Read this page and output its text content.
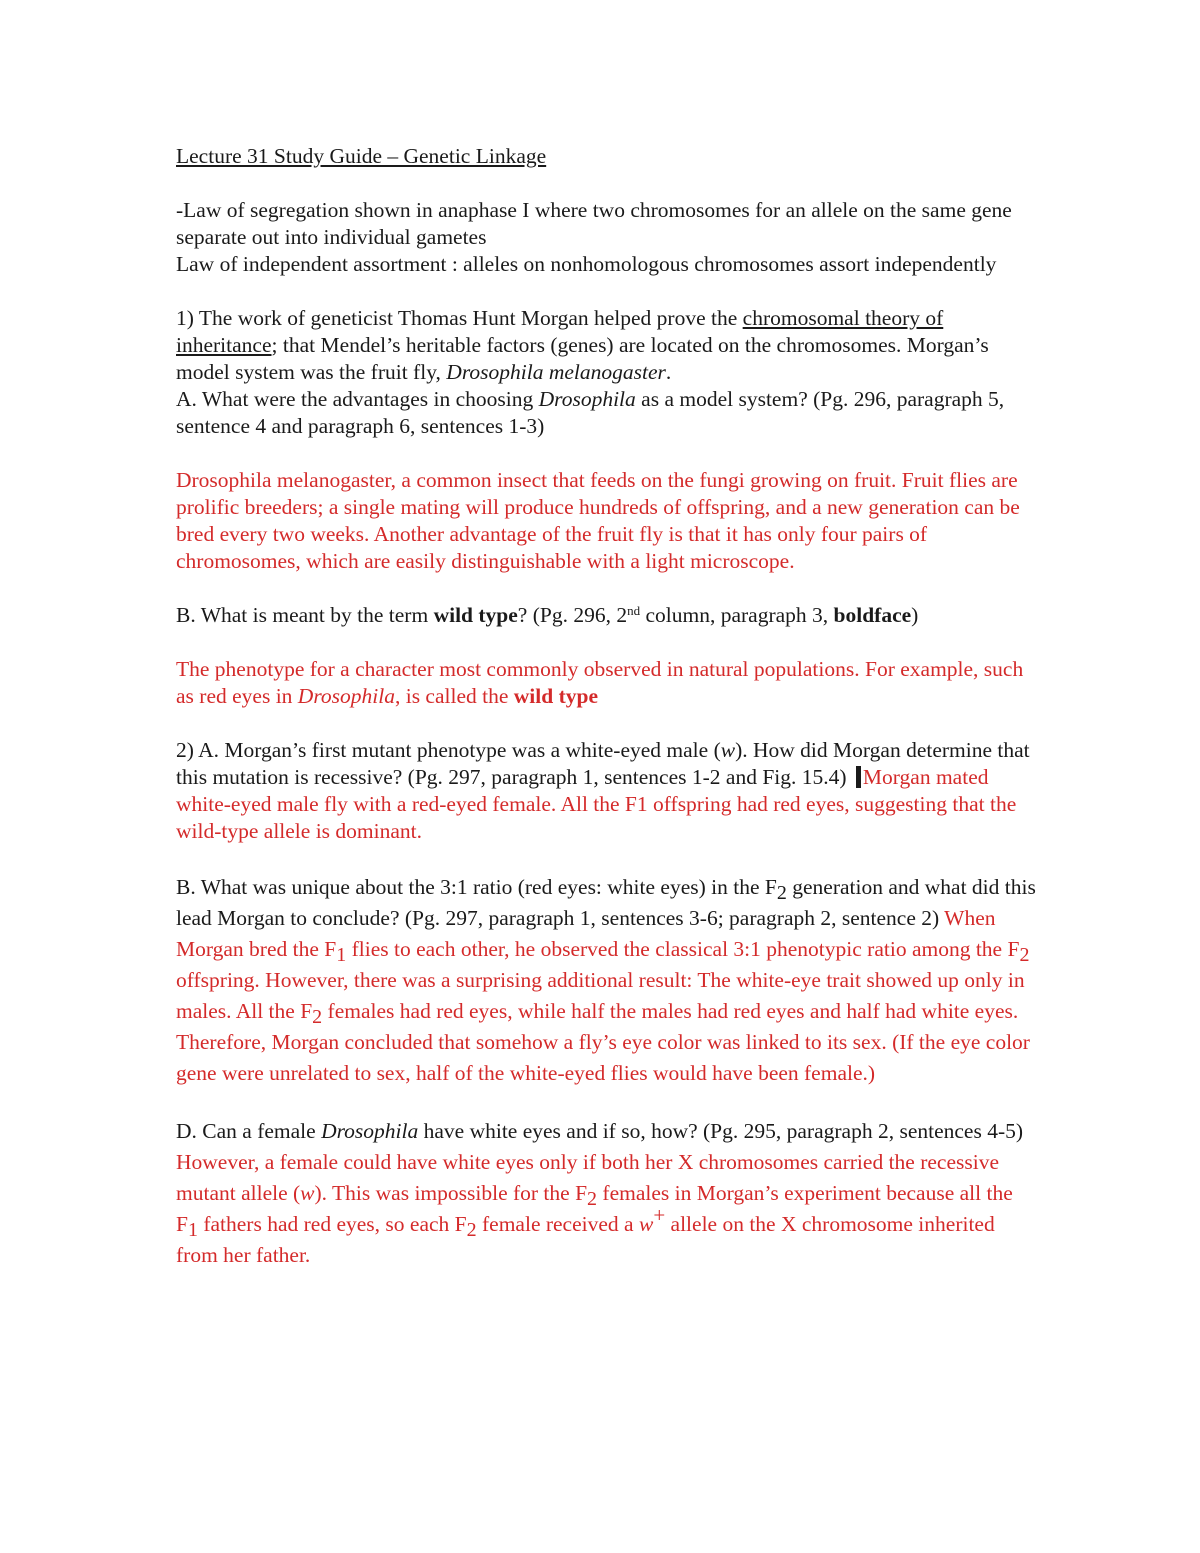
Lecture 31 Study Guide – Genetic Linkage

-Law of segregation shown in anaphase I where two chromosomes for an allele on the same gene separate out into individual gametes

Law of independent assortment : alleles on nonhomologous chromosomes assort independently

1) The work of geneticist Thomas Hunt Morgan helped prove the chromosomal theory of inheritance; that Mendel’s heritable factors (genes) are located on the chromosomes. Morgan’s model system was the fruit fly, Drosophila melanogaster.

A. What were the advantages in choosing Drosophila as a model system? (Pg. 296, paragraph 5, sentence 4 and paragraph 6, sentences 1-3)

Drosophila melanogaster, a common insect that feeds on the fungi growing on fruit. Fruit flies are prolific breeders; a single mating will produce hundreds of offspring, and a new generation can be bred every two weeks. Another advantage of the fruit fly is that it has only four pairs of chromosomes, which are easily distinguishable with a light microscope.

B. What is meant by the term wild type? (Pg. 296, 2nd column, paragraph 3, boldface)

The phenotype for a character most commonly observed in natural populations. For example, such as red eyes in Drosophila, is called the wild type

2) A. Morgan’s first mutant phenotype was a white-eyed male (w). How did Morgan determine that this mutation is recessive? (Pg. 297, paragraph 1, sentences 1-2 and Fig. 15.4) Morgan mated white-eyed male fly with a red-eyed female. All the F1 offspring had red eyes, suggesting that the wild-type allele is dominant.

B. What was unique about the 3:1 ratio (red eyes: white eyes) in the $F_2$ generation and what did this lead Morgan to conclude? (Pg. 297, paragraph 1, sentences 3-6; paragraph 2, sentence 2) When Morgan bred the $F_1$ flies to each other, he observed the classical 3:1 phenotypic ratio among the $F_2$ offspring. However, there was a surprising additional result: The white-eye trait showed up only in males. All the $F_2$ females had red eyes, while half the males had red eyes and half had white eyes. Therefore, Morgan concluded that somehow a fly’s eye color was linked to its sex. (If the eye color gene were unrelated to sex, half of the white-eyed flies would have been female.)

D. Can a female Drosophila have white eyes and if so, how? (Pg. 295, paragraph 2, sentences 4-5) However, a female could have white eyes only if both her X chromosomes carried the recessive mutant allele (w). This was impossible for the $F_2$ females in Morgan’s experiment because all the $F_1$ fathers had red eyes, so each $F_2$ female received a w+ allele on the X chromosome inherited from her father.
